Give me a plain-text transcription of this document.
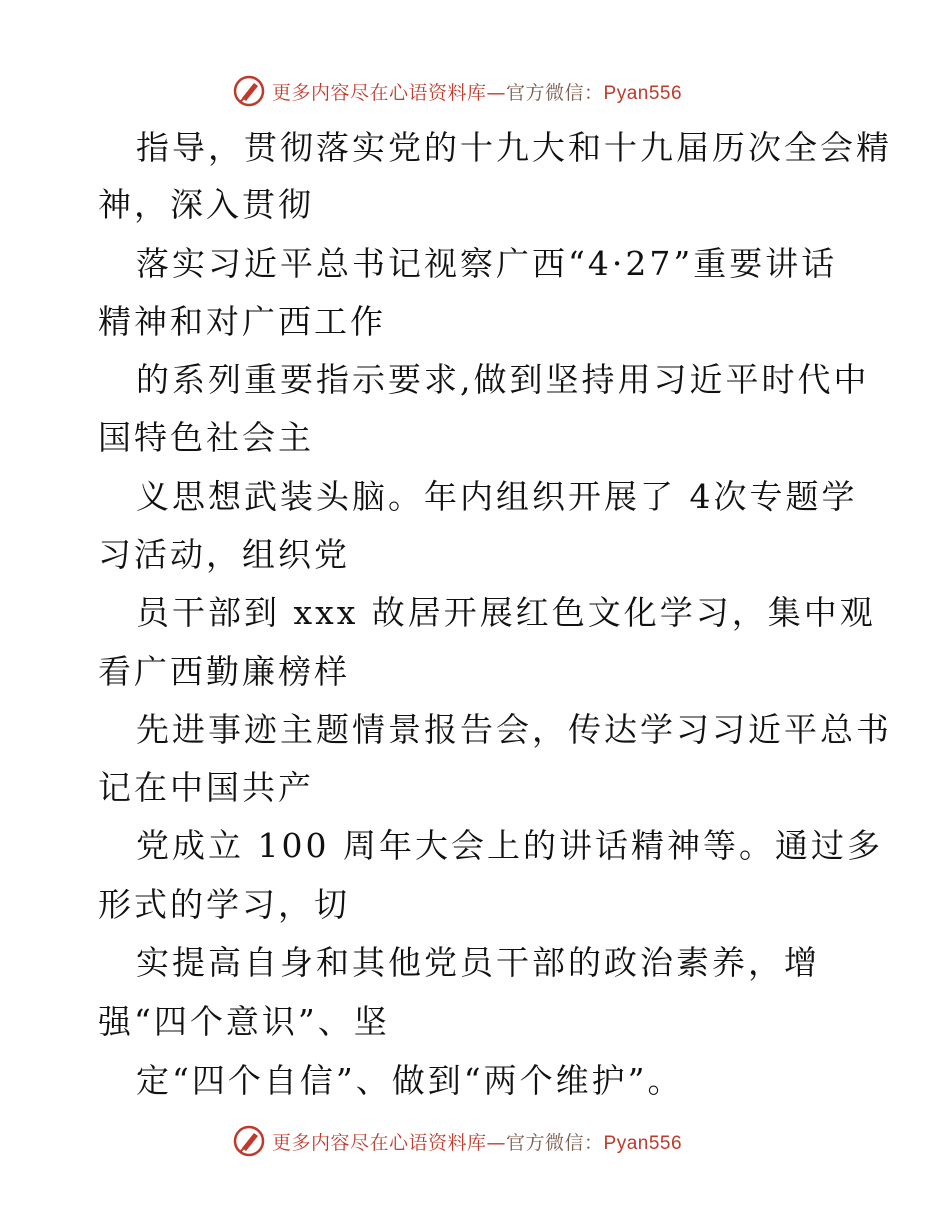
更多内容尽在心语资料库—官方微信：Pyan556
指导，贯彻落实党的十九大和十九届历次全会精
神，深入贯彻
落实习近平总书记视察广西“4·27”重要讲话
精神和对广西工作
的系列重要指示要求,做到坚持用习近平时代中
国特色社会主
义思想武装头脑。年内组织开展了 4次专题学
习活动，组织党
员干部到 xxx 故居开展红色文化学习，集中观
看广西勤廉榜样
先进事迹主题情景报告会，传达学习习近平总书
记在中国共产
党成立 100 周年大会上的讲话精神等。通过多
形式的学习，切
实提高自身和其他党员干部的政治素养，增
强“四个意识”、坚
定“四个自信”、做到“两个维护”。
更多内容尽在心语资料库—官方微信：Pyan556
